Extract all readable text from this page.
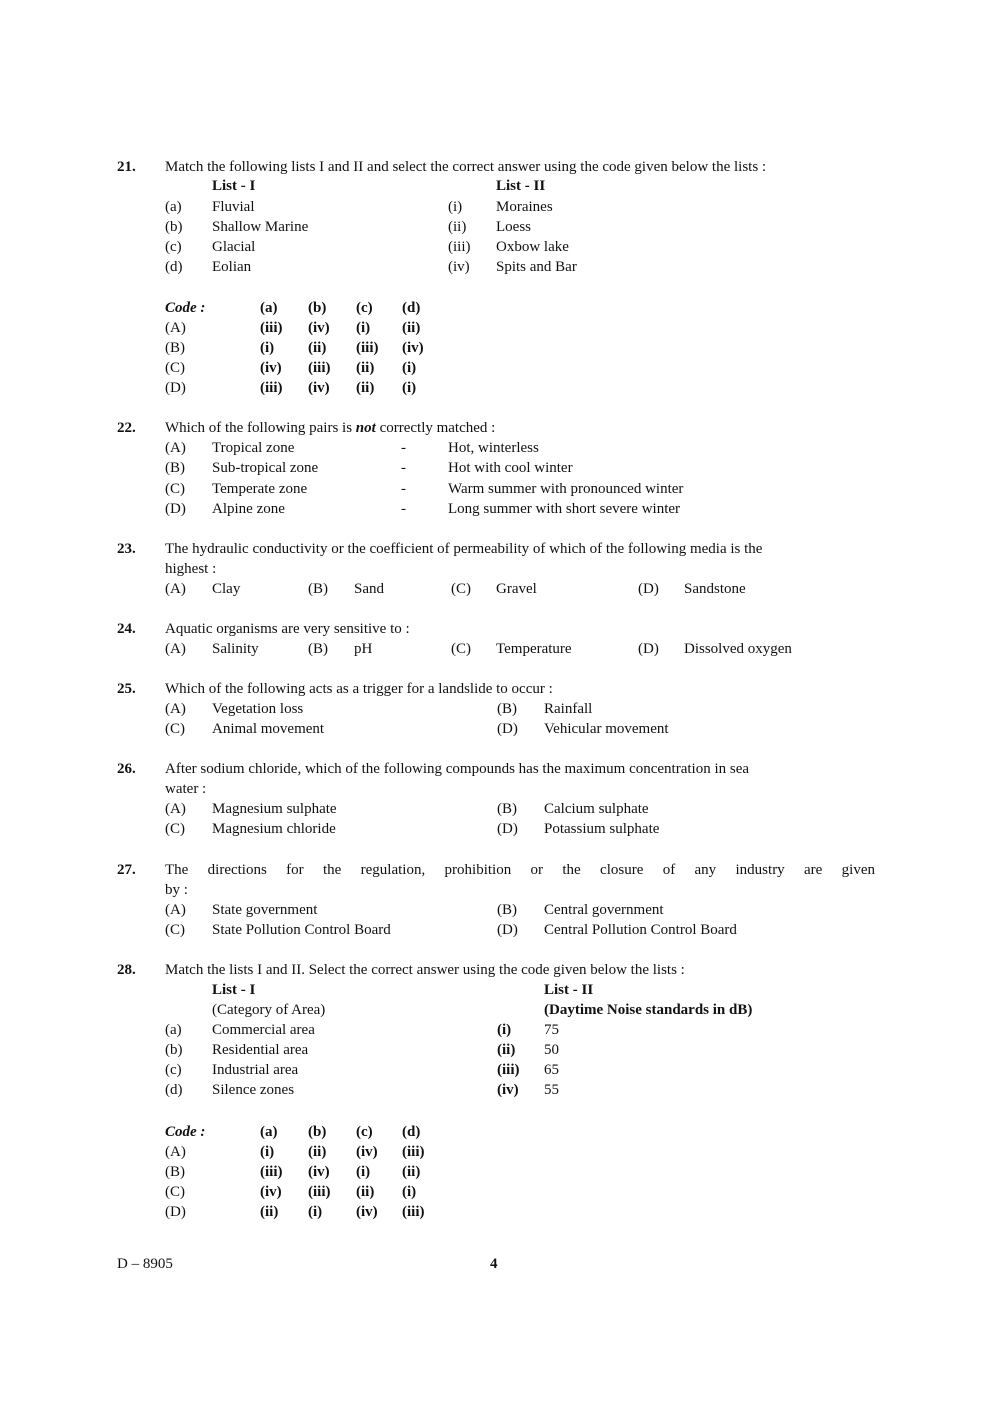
21. Match the following lists I and II and select the correct answer using the code given below the lists :
List - I	List - II
(a) Fluvial	(i) Moraines
(b) Shallow Marine	(ii) Loess
(c) Glacial	(iii) Oxbow lake
(d) Eolian	(iv) Spits and Bar
Code :	(a) (b) (c) (d)
(A)	(iii) (iv) (i) (ii)
(B)	(i) (ii) (iii) (iv)
(C)	(iv) (iii) (ii) (i)
(D)	(iii) (iv) (ii) (i)
22. Which of the following pairs is not correctly matched :
(A) Tropical zone	-	Hot, winterless
(B) Sub-tropical zone	-	Hot with cool winter
(C) Temperate zone	-	Warm summer with pronounced winter
(D) Alpine zone	-	Long summer with short severe winter
23. The hydraulic conductivity or the coefficient of permeability of which of the following media is the
highest :
(A) Clay	(B) Sand	(C) Gravel	(D) Sandstone
24. Aquatic organisms are very sensitive to :
(A) Salinity	(B) pH	(C) Temperature	(D) Dissolved oxygen
25. Which of the following acts as a trigger for a landslide to occur :
(A) Vegetation loss	(B) Rainfall
(C) Animal movement	(D) Vehicular movement
26. After sodium chloride, which of the following compounds has the maximum concentration in sea
water :
(A) Magnesium sulphate	(B) Calcium sulphate
(C) Magnesium chloride	(D) Potassium sulphate
27. The directions for the regulation, prohibition or the closure of any industry are given
by :
(A) State government	(B) Central government
(C) State Pollution Control Board	(D) Central Pollution Control Board
28. Match the lists I and II. Select the correct answer using the code given below the lists :
List - I
(Category of Area)
List - II
(Daytime Noise standards in dB)
(a) Commercial area	(i) 75
(b) Residential area	(ii) 50
(c) Industrial area	(iii) 65
(d) Silence zones	(iv) 55
Code :	(a) (b) (c) (d)
(A)	(i) (ii) (iv) (iii)
(B)	(iii) (iv) (i) (ii)
(C)	(iv) (iii) (ii) (i)
(D)	(ii) (i) (iv) (iii)
D – 8905	4
